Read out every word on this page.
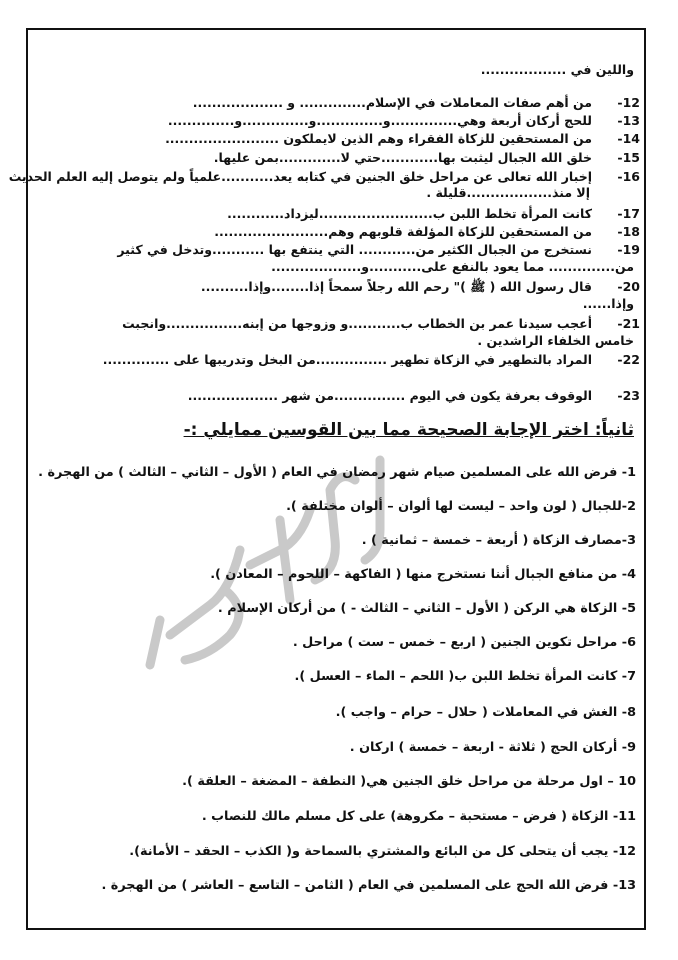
واللين في ..................
-12
من أهم صفات المعاملات في الإسلام.............. و ...................
-13
للحج أركان أربعة وهي..............و..............و..............و..............
-14
من المستحقين للزكاة الفقراء وهم الذين لايملكون ........................
-15
خلق الله الجبال ليثبت بها............حتي لا.............بمن عليها.
-16
إخبار الله تعالى عن مراحل خلق الجنين في كتابه يعد...........علمياً ولم يتوصل إليه العلم الحديث
إلا منذ..................قليلة .
-17
كانت المرأة تخلط اللبن ب........................ليزداد............
-18
من المستحقين للزكاة المؤلفة قلوبهم وهم........................
-19
نستخرج من الجبال الكثير من............ التي ينتفع بها ...........وتدخل في كثير
من.............. مما يعود بالنفع على...........و...................
-20
قال رسول الله ( ﷺ )" رحم الله رجلاً سمحاً إذا........وإذا..........
وإذا......
-21
أعجب سيدنا عمر بن الخطاب ب...........و وزوجها من إبنه................وانجبت
خامس الخلفاء الراشدين .
-22
المراد بالتطهير في الزكاة تطهير ...............من البخل وتدريبها على ..............
-23
الوقوف بعرفة يكون في اليوم ...............من شهر ...................
ثانياً: اختر الإجابة الصحيحة مما بين القوسين ممايلي :-
1- فرض الله على المسلمين صيام شهر رمضان في العام ( الأول – الثاني – الثالث ) من الهجرة .
2-للجبال ( لون واحد – ليست لها ألوان – ألوان مختلفة ).
3-مصارف الزكاة ( أربعة – خمسة – ثمانية ) .
4- من منافع الجبال أننا نستخرج منها ( الفاكهة – اللحوم – المعادن ).
5- الزكاة هي الركن ( الأول – الثاني – الثالث - ) من أركان الإسلام .
6- مراحل تكوين الجنين ( اربع – خمس – ست ) مراحل .
7- كانت المرأة تخلط اللبن ب( اللحم – الماء – العسل ).
8- الغش في المعاملات ( حلال – حرام – واجب ).
9- أركان الحج ( ثلاثة - اربعة – خمسة ) اركان .
10 – اول مرحلة من مراحل خلق الجنين هي( النطفة – المضغة – العلقة ).
11- الزكاة ( فرض – مستحبة – مكروهة) على كل مسلم مالك للنصاب .
12- يجب أن يتحلى كل من البائع والمشتري بالسماحة و( الكذب – الحقد – الأمانة).
13- فرض الله الحج على المسلمين في العام ( الثامن – التاسع – العاشر ) من الهجرة .
